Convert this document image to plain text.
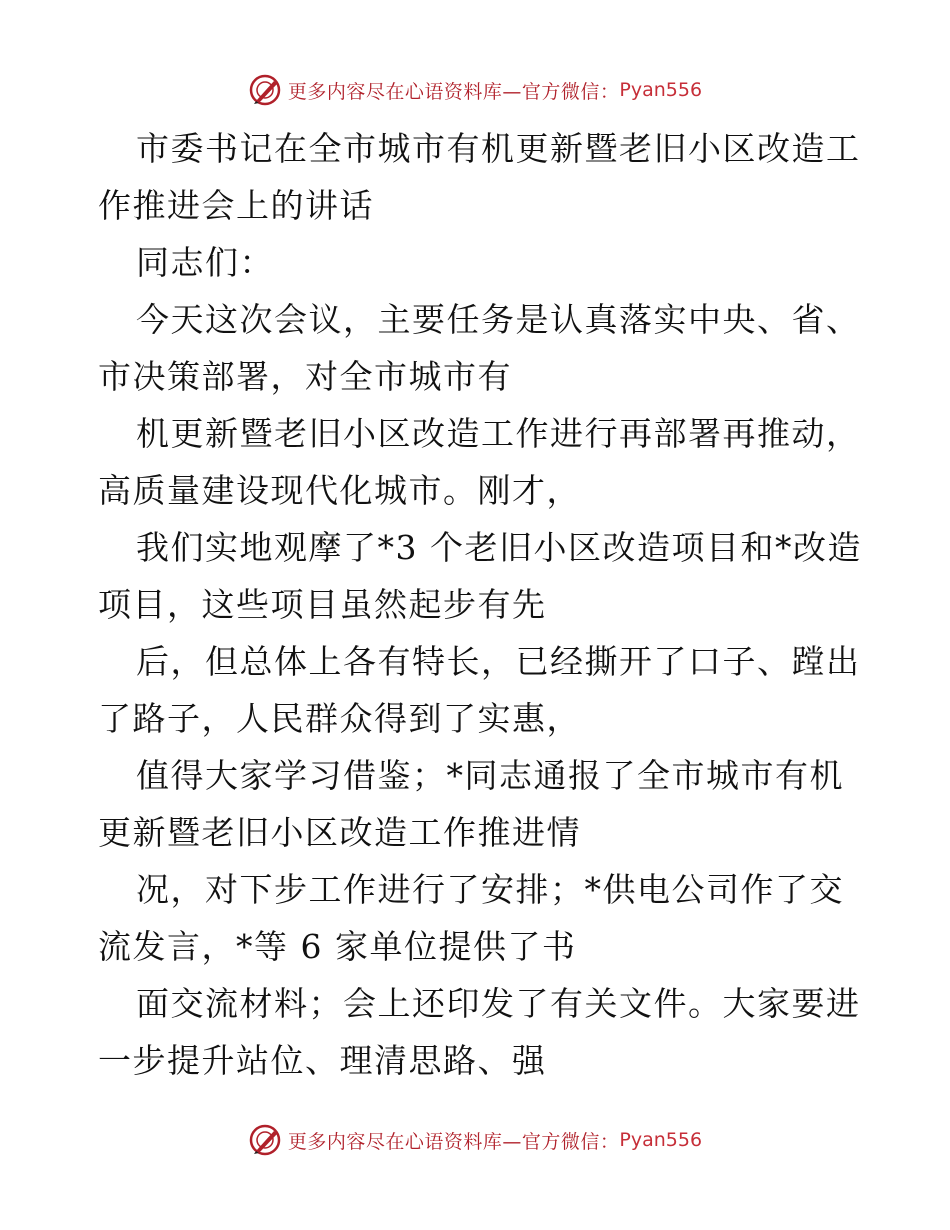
更多内容尽在心语资料库—官方微信： Pyan556
市委书记在全市城市有机更新暨老旧小区改造工
作推进会上的讲话
同志们：
今天这次会议，主要任务是认真落实中央、省、
市决策部署，对全市城市有
机更新暨老旧小区改造工作进行再部署再推动，
高质量建设现代化城市。刚才，
我们实地观摩了*3 个老旧小区改造项目和*改造
项目，这些项目虽然起步有先
后，但总体上各有特长，已经撕开了口子、蹚出
了路子，人民群众得到了实惠，
值得大家学习借鉴；*同志通报了全市城市有机
更新暨老旧小区改造工作推进情
况，对下步工作进行了安排；*供电公司作了交
流发言，*等 6 家单位提供了书
面交流材料；会上还印发了有关文件。大家要进
一步提升站位、理清思路、强
更多内容尽在心语资料库—官方微信： Pyan556
